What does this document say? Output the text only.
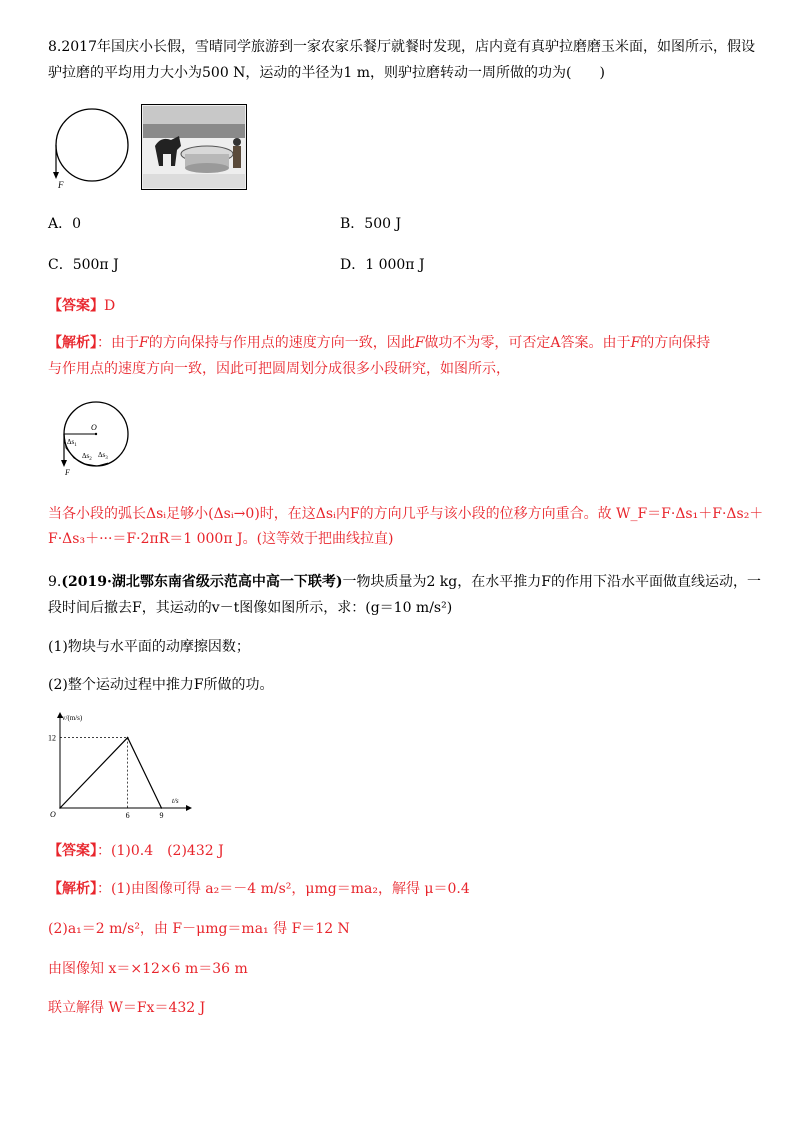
8.2017年国庆小长假，雪晴同学旅游到一家农家乐餐厅就餐时发现，店内竟有真驴拉磨磨玉米面，如图所示，假设
驴拉磨的平均用力大小为500 N，运动的半径为1 m，则驴拉磨转动一周所做的功为(　　)
F
A．0	B．500 J
C．500π J	D．1 000π J
【答案】D
【解析】：由于F的方向保持与作用点的速度方向一致，因此F做功不为零，可否定A答案。由于F的方向保持
与作用点的速度方向一致，因此可把圆周划分成很多小段研究，如图所示，
O
F
$\Delta s_1$
$\Delta s_2$
$\Delta s_3$
当各小段的弧长Δsᵢ足够小(Δsᵢ→0)时，在这Δsᵢ内F的方向几乎与该小段的位移方向重合。故 W_F＝F·Δs₁＋F·Δs₂＋
F·Δs₃＋···＝F·2πR＝1 000π J。(这等效于把曲线拉直)
9.(2019·湖北鄂东南省级示范高中高一下联考)一物块质量为2 kg，在水平推力F的作用下沿水平面做直线运动，一
段时间后撤去F，其运动的v－t图像如图所示，求：(g＝10 m/s²)
(1)物块与水平面的动摩擦因数；
(2)整个运动过程中推力F所做的功。
v/(m/s)
t/s
O
12
6	9
【答案】：(1)0.4　(2)432 J
【解析】：(1)由图像可得 a₂＝－4 m/s²，μmg＝ma₂，解得 μ＝0.4
(2)a₁＝2 m/s²，由 F－μmg＝ma₁ 得 F＝12 N
由图像知 x＝×12×6 m＝36 m
联立解得 W＝Fx＝432 J
